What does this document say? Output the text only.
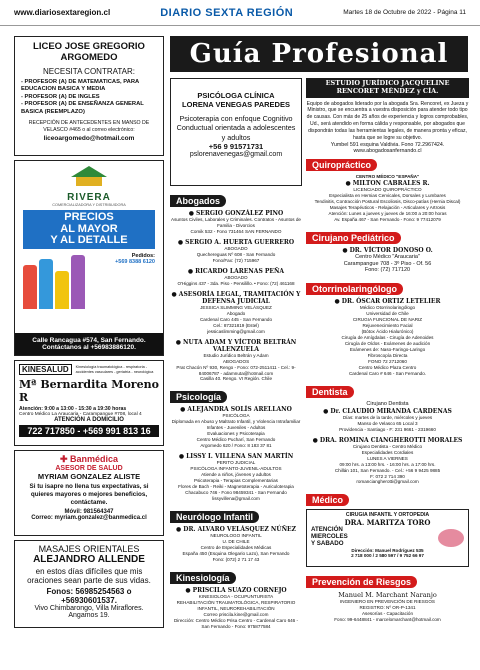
www.diariosextaregion.cl	DIARIO SEXTA REGIÓN	Martes 18 de Octubre de 2022 - Página 11
LICEO JOSE GREGORIO
ARGOMEDO
NECESITA CONTRATAR:
- PROFESOR (A) DE MATEMATICAS, PARA EDUCACION BASICA Y MEDIA
- PROFESOR (A) DE INGLES
- PROFESOR (A) DE ENSEÑANZA GENERAL BASICA (REEMPLAZO)
RECEPCIÓN DE ANTECEDENTES EN MANSO DE VELASCO #465 o al correo electrónico:
liceoargomedo@hotmail.com
RIVERA
COMERCIALIZADORA Y DISTRIBUIDORA
PRECIOS
AL MAYOR
Y AL DETALLE
Pedidos:
+569 8388 6120
Calle Rancagua #574, San Fernando.
Contáctanos al +56983886120.
KINESALUD	Kinesiología traumatológica - respiratoria - accidentes vasculares - geriatría - neurológica
Mª Bernardita Moreno R
Atención: 9:00 a 13:00 - 15:30 a 19:30 horas
Centro Médico La Araucaria - Carampangue #708, local 4
ATENCIÓN A DOMICILIO
722 717850 - +569 991 813 16
✚ Banmédica
ASESOR DE SALUD
MYRIAM GONZALEZ ALISTE
Si tu isapre no llena tus expectativas, si quieres mayores o mejores beneficios, contáctame.
Móvil: 981564347
Correo: myriam.gonzalez@banmedica.cl
MASAJES ORIENTALES
ALEJANDRO ALLENDE
en estos días difíciles que mis oraciones sean parte de sus vidas.
Fonos: 56985254563 o +56930601537.
Vivo Chimbarongo, Villa Miraflores. Angamos 19.
Guía Profesional
PSICÓLOGA CLÍNICA
LORENA VENEGAS PAREDES
Psicoterapia con enfoque Cognitivo Conductual orientada a adolescentes y adultos
+56 9 91571731
pslorenavenegas@gmail.com
Abogados
● SERGIO GONZÁLEZ PINO
Asuntos Civiles, Laborales y Criminales. Contratos - Asuntos de Familia - Divorcios
Comik 532 - Fono 731464 SAN FERNANDO
● SERGIO A. HUERTA GUERRERO
ABOGADO
Quechereguas Nº 608 - San Fernando
Fono/Fax: (72) 715967
● RICARDO LARENAS PEÑA
ABOGADO
O'Higgins 437 - 3da. Piso - Pensilillo. • Fono: (72) 461168
● ASESORÍA LEGAL, TRAMITACIÓN Y DEFENSA JUDICIAL
JESSICA SLIMMING VELÁSQUEZ
Abogado
Cardenal Caro 445 - San Fernando
Cel.: 87321819 (Estel)
jessicaslimming@gmail.com
● NUTA ADAM Y VÍCTOR BELTRÁN VALENZUELA
Estudio Jurídico Beltrán y Adam
ABOGADOS
Prat Chacón Nº 930, Rengo - Fono: 072-2511411 - Cel.: 9-84006787 - adamnuta@hotmail.com
Casilla 40. Rengo. VI Región. Chile
Psicología
● ALEJANDRA SOLÍS ARELLANO
PSICÓLOGA
Diplomada en Abuso y Maltrato Infantil, y Violencia Intrafamiliar
Infantes - Juveniles - Adultos
Evaluaciones y Psicoterapia
Centro Médico Pucharí, San Fernando
Argomedo 620 / Fono: 8 183 37 81
● LISSY I. VILLENA SAN MARTÍN
PERITO JUDICIAL
PSICÓLOGA INFANTO-JUVENIL-ADULTOS
Atiende a niños, jóvenes y adultos
Psicoterapia - Terapias Complementarias
Flores de Bach - Reiki - Magnetoterapia - Auriculoterapia
Chacabuco 746 - Fono 98459341 - San Fernando
lissyvillena@gmail.com
Neurólogo Infantil
● DR. ALVARO VELÁSQUEZ NÚÑEZ
NEUROLOGO INFANTIL
U. DE CHILE
Centro de Especialidades Médicas
España 450 (Esquina Olegario Lazo), San Fernando
Fono: (072) 2 71 17 43
Kinesiología
● PRISCILA SUAZO CORNEJO
KINESIOLOGA - OCUPUNTURISTA
REHABILITACIÓN TRAUMATOLÓGICA, RESPIRATORIO INFANTIL, NEUROREHABILITACIÓN
Correo priscila.kine@gmail.com
Dirección: Centro Médico Prisa Centro - Cardenal Caro 646 - San Fernando - Fono: 975877584
ESTUDIO JURÍDICO JACQUELINE RENCORET MÉNDEZ y CÍA.
Equipo de abogados liderado por la abogada Sra. Rencoret, ex Jueza y Ministro, que se encuentra a vuestra disposición para atender todo tipo de causas. Con más de 25 años de experiencia y logros comprobables, Ud., será atendido en forma cálida y responsable, por abogados que dispondrán todas las herramientas legales, de manera pronta y eficaz, hasta que se logre su objetivo.
Yumbel 591 esquina Valdivia. Fono 72.2967424.
www.abogadosanfernando.cl
Quiropráctico
CENTRO MÉDICO "ESPAÑA"
● MILTON CABRALES R.
LICENCIADO QUIROPRÁCTICO
Especialista en Hernias Cervicales, Dorsales y Lumbares
Tendinitis, Contracción Postural Escoliosis, Disco-patías (Hernia Discal)
Masajes Terapéuticos - Relajación - Articulares y Artrosis
Atención: Lunes a jueves y jueves de 16:00 a 20:00 horas
Av. España 467 - San Fernando - Fono: 9 77412079
Cirujano Pediátrico
● DR. VÍCTOR DONOSO O.
Centro Médico "Araucaria"
Carampangue 708 - 3º Piso - Of. 56
Fono: (72) 717120
Otorrinolaringólogo
● DR. ÓSCAR ORTIZ LETELIER
Médico Otorrinolaringólogo
Universidad de Chile
CIRUGIA FUNCIONAL DE NARIZ
Rejuvenecimiento Facial
(Bótox Ácido Hialurónico)
Cirugía de Amígdalas - Cirugía de Adenoides
Cirugía de Oídos - Exámenes de audición
Exámenes de: Naso-Faringo-Laringo
Fibroscopía Directa
FONO 72 2712060
Centro Médico Plaza Centro
Cardenal Caro # 646 - San Fernando.
Dentista
Cirujano Dentista
● Dr. CLAUDIO MIRANDA CARDENAS
Días: martes de la tarde, miércoles y jueves
Manso de Velasco 65 Local 3
Providencia - Santiago - F: 231 9661 - 2319660
● DRA. ROMINA CIANGHEROTTI MORALES
Cirujano Dentista - Centro Médico
Especialidades Cordiales
LUNES A VIERNES
09:00 hrs. a 13:00 hrs. - 16:00 hrs. a 17:00 hrs.
Chillán 101, San Fernando. - Cel.: +56 9 9425 9885
F: 072 2 714 390
romanciangherotti@gmail.com
Médico
CIRUGIA INFANTIL Y ORTOPEDIA
DRA. MARITZA TORO
ATENCIÓN
MIERCOLES
Y SABADO
Dirección: Manuel Rodríguez 535
2 718 000 / 2 580 597 / 9 752 66 97
Prevención de Riesgos
Manuel M. Marchant Naranjo
INGENIERO EN PREVENCIÓN DE RIESGOS
REGISTRO: Nº OR-P-1341
Asesorías - Capacitación
Fono: 99-6448841 - marcelomarchant@hotmail.com
